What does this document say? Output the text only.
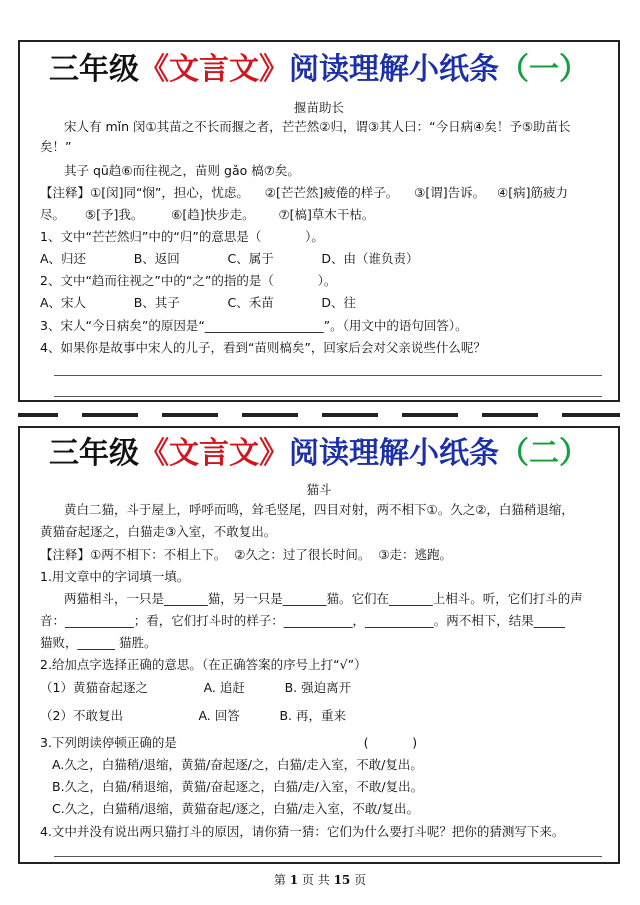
三年级《文言文》阅读理解小纸条（一）
揠苗助长
宋人有 mǐn 闵①其苗之不长而揠之者，芒芒然②归，谓③其人曰：“今日病④矣！予⑤助苗长
矣！”
其子 qū趋⑥而往视之，苗则 gǎo 槁⑦矣。
【注释】①[闵]同“悯”，担心，忧虑。    ②[芒芒然]疲倦的样子。    ③[谓]告诉。   ④[病]筋疲力
尽。     ⑤[予]我。       ⑥[趋]快步走。      ⑦[槁]草木干枯。
1、文中“芒芒然归”中的“归”的意思是（           ）。
A、归还            B、返回            C、属于            D、由（谁负责）
2、文中“趋而往视之”中的“之”的指的是（           ）。
A、宋人            B、其子            C、禾苗            D、往
3、宋人“今日病矣”的原因是“___________________”。（用文中的语句回答）。
4、如果你是故事中宋人的儿子，看到“苗则槁矣”，回家后会对父亲说些什么呢？
三年级《文言文》阅读理解小纸条（二）
猫斗
黄白二猫，斗于屋上，呼呼而鸣，耸毛竖尾，四目对射，两不相下①。久之②，白猫稍退缩，
黄猫奋起逐之，白猫走③入室，不敢复出。
【注释】①两不相下：不相上下。  ②久之：过了很长时间。  ③走：逃跑。
1.用文章中的字词填一填。
两猫相斗，一只是_______猫，另一只是_______猫。它们在_______上相斗。听，它们打斗的声
音：___________；看，它们打斗时的样子：___________，___________。两不相下，结果_____
猫败，______ 猫胜。
2.给加点字选择正确的意思。（在正确答案的序号上打“√”）
（1）黄猫奋起逐之              A. 追赶          B. 强迫离开
（2）不敢复出                   A. 回答          B. 再，重来
3.下列朗读停顿正确的是                                               (           )
A.久之，白猫稍/退缩，黄猫/奋起逐/之，白猫/走入室，不敢/复出。
B.久之，白猫/稍退缩，黄猫/奋起逐之，白猫/走/入室，不敢/复出。
C.久之，白猫稍/退缩，黄猫奋起/逐之，白猫/走入室，不敢/复出。
4.文中并没有说出两只猫打斗的原因，请你猜一猜：它们为什么要打斗呢？把你的猜测写下来。
第 1 页 共 15 页
